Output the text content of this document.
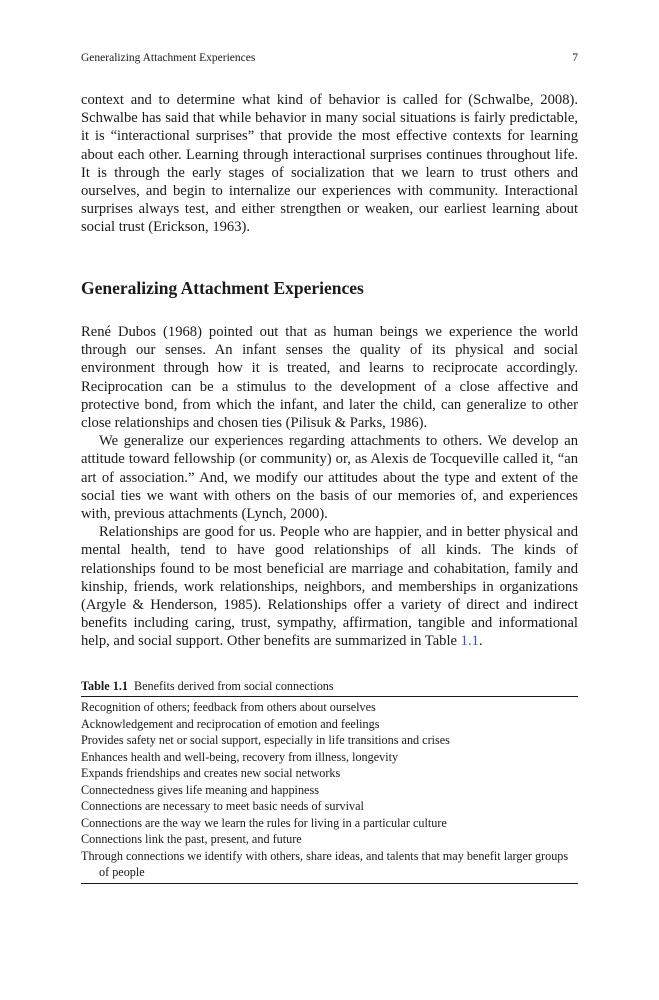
Generalizing Attachment Experiences	7

context and to determine what kind of behavior is called for (Schwalbe, 2008). Schwalbe has said that while behavior in many social situations is fairly predictable, it is “interactional surprises” that provide the most effective contexts for learning about each other. Learning through interactional surprises continues throughout life. It is through the early stages of socialization that we learn to trust others and ourselves, and begin to internalize our experiences with community. Interactional surprises always test, and either strengthen or weaken, our earliest learning about social trust (Erickson, 1963).

Generalizing Attachment Experiences

René Dubos (1968) pointed out that as human beings we experience the world through our senses. An infant senses the quality of its physical and social environment through how it is treated, and learns to reciprocate accordingly. Reciprocation can be a stimulus to the development of a close affective and protective bond, from which the infant, and later the child, can generalize to other close relationships and chosen ties (Pilisuk & Parks, 1986).

We generalize our experiences regarding attachments to others. We develop an attitude toward fellowship (or community) or, as Alexis de Tocqueville called it, “an art of association.” And, we modify our attitudes about the type and extent of the social ties we want with others on the basis of our memories of, and experiences with, previous attachments (Lynch, 2000).

Relationships are good for us. People who are happier, and in better physical and mental health, tend to have good relationships of all kinds. The kinds of relationships found to be most beneficial are marriage and cohabitation, family and kinship, friends, work relationships, neighbors, and memberships in organizations (Argyle & Henderson, 1985). Relationships offer a variety of direct and indirect benefits including caring, trust, sympathy, affirmation, tangible and informational help, and social support. Other benefits are summarized in Table 1.1.

Table 1.1 Benefits derived from social connections
Recognition of others; feedback from others about ourselves
Acknowledgement and reciprocation of emotion and feelings
Provides safety net or social support, especially in life transitions and crises
Enhances health and well-being, recovery from illness, longevity
Expands friendships and creates new social networks
Connectedness gives life meaning and happiness
Connections are necessary to meet basic needs of survival
Connections are the way we learn the rules for living in a particular culture
Connections link the past, present, and future
Through connections we identify with others, share ideas, and talents that may benefit larger groups of people
